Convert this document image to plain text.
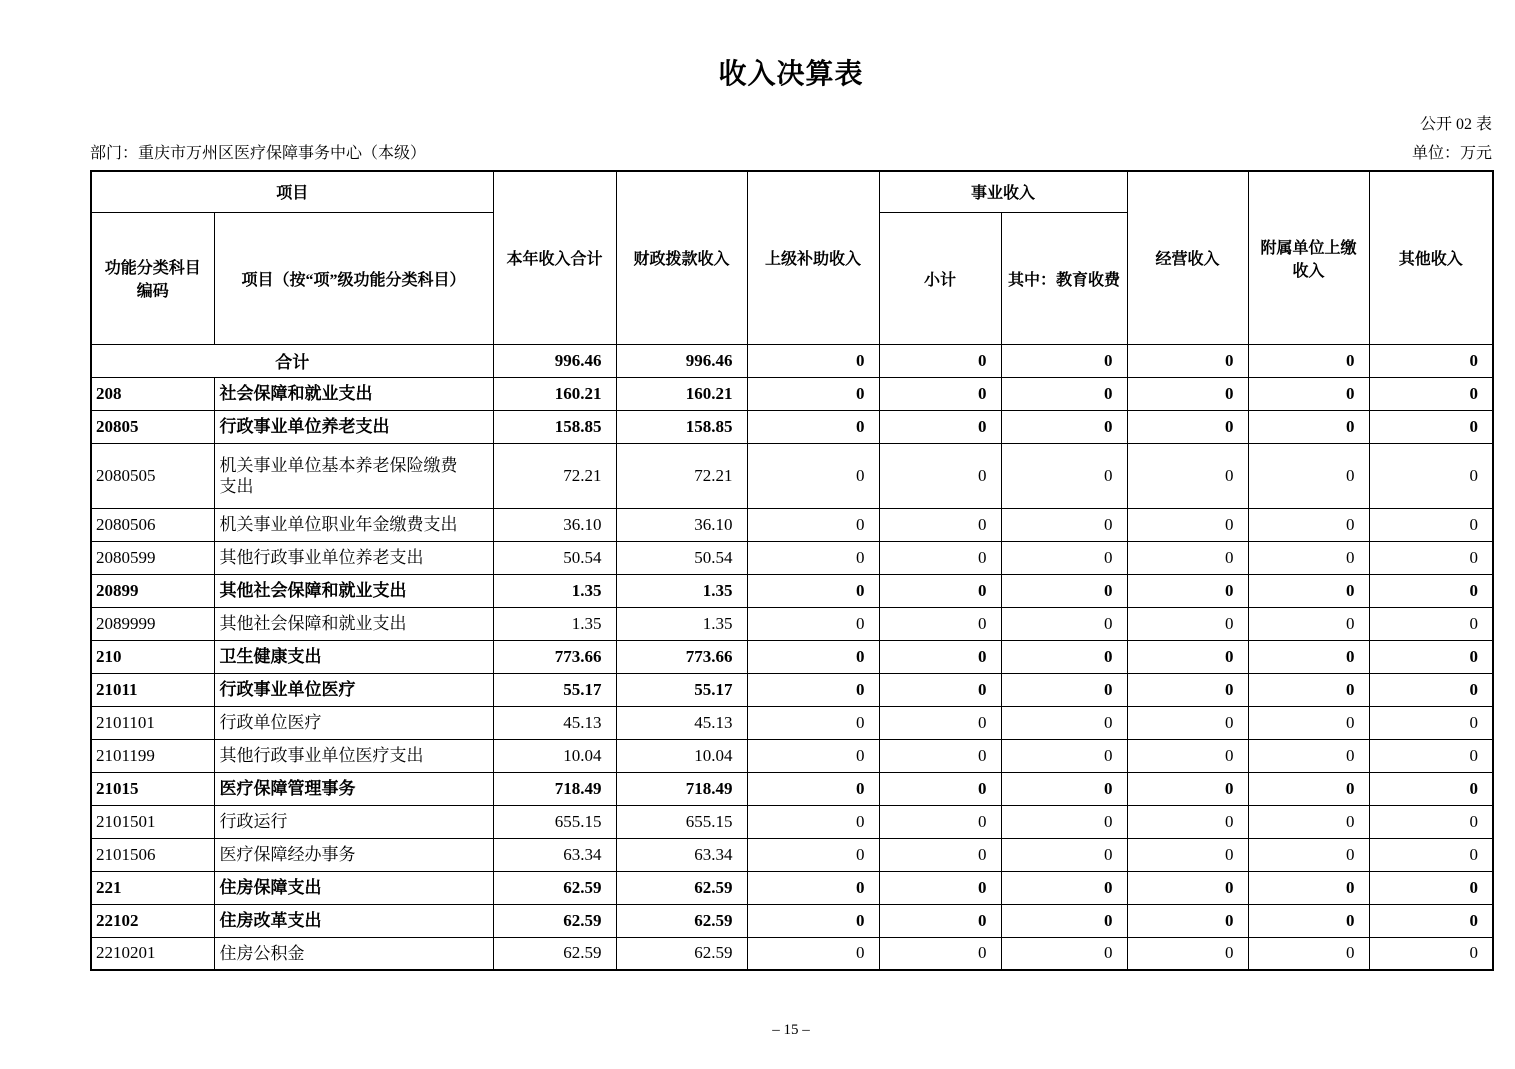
收入决算表
公开 02 表
部门：重庆市万州区医疗保障事务中心（本级）	单位：万元
项目		本年收入合计	财政拨款收入	上级补助收入	事业收入		经营收入	附属单位上缴收入	其他收入
功能分类科目编码	项目（按“项”级功能分类科目）				小计	其中：教育收费			
合计		996.46	996.46	0	0	0	0	0	0
208	社会保障和就业支出	160.21	160.21	0	0	0	0	0	0
20805	行政事业单位养老支出	158.85	158.85	0	0	0	0	0	0
2080505	机关事业单位基本养老保险缴费支出	72.21	72.21	0	0	0	0	0	0
2080506	机关事业单位职业年金缴费支出	36.10	36.10	0	0	0	0	0	0
2080599	其他行政事业单位养老支出	50.54	50.54	0	0	0	0	0	0
20899	其他社会保障和就业支出	1.35	1.35	0	0	0	0	0	0
2089999	其他社会保障和就业支出	1.35	1.35	0	0	0	0	0	0
210	卫生健康支出	773.66	773.66	0	0	0	0	0	0
21011	行政事业单位医疗	55.17	55.17	0	0	0	0	0	0
2101101	行政单位医疗	45.13	45.13	0	0	0	0	0	0
2101199	其他行政事业单位医疗支出	10.04	10.04	0	0	0	0	0	0
21015	医疗保障管理事务	718.49	718.49	0	0	0	0	0	0
2101501	行政运行	655.15	655.15	0	0	0	0	0	0
2101506	医疗保障经办事务	63.34	63.34	0	0	0	0	0	0
221	住房保障支出	62.59	62.59	0	0	0	0	0	0
22102	住房改革支出	62.59	62.59	0	0	0	0	0	0
2210201	住房公积金	62.59	62.59	0	0	0	0	0	0
– 15 –
